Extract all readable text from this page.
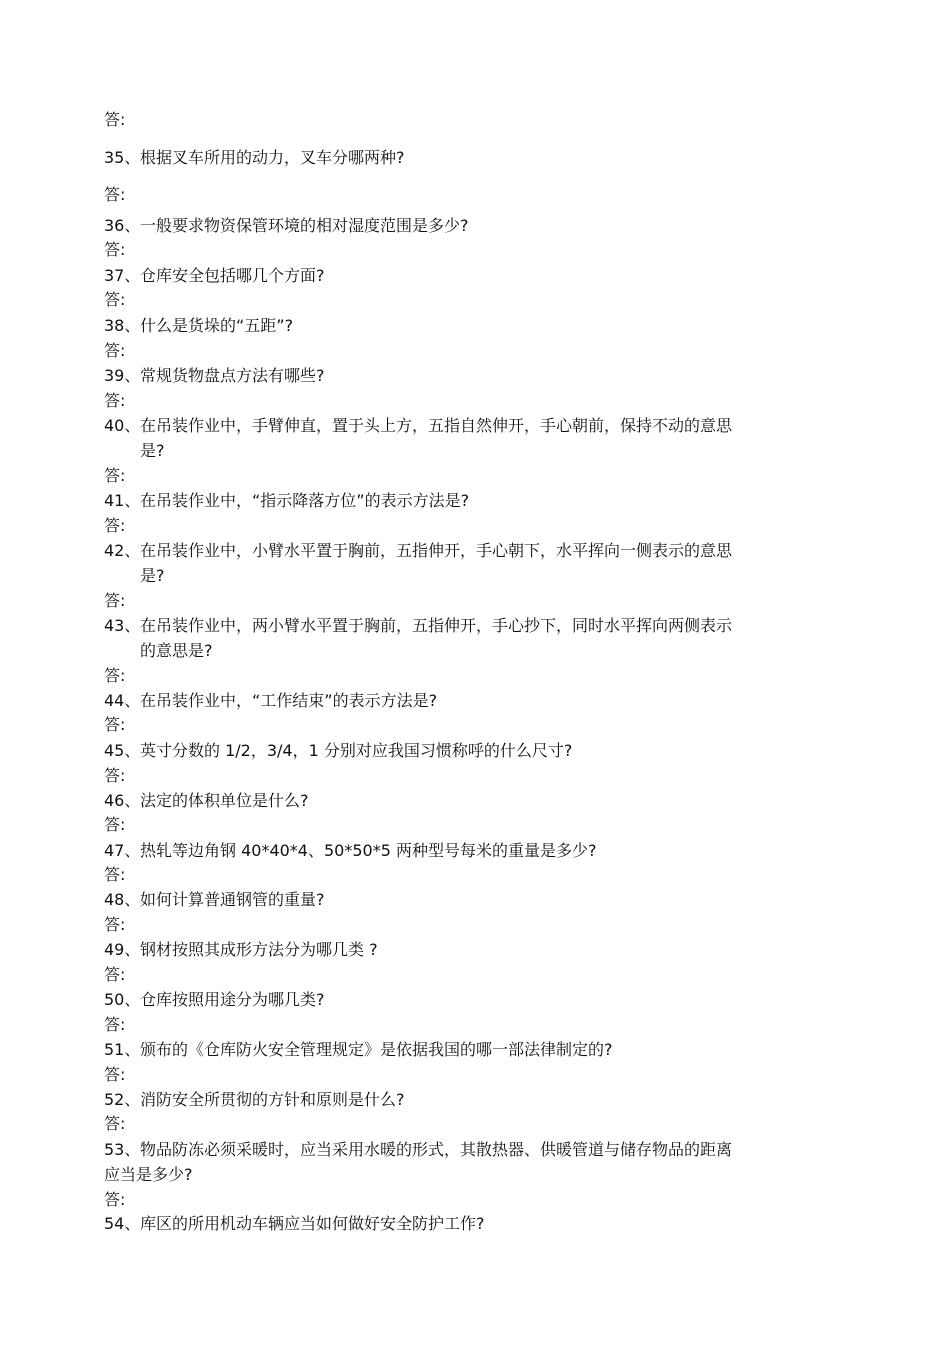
答:
35、根据叉车所用的动力，叉车分哪两种?
答:
36、一般要求物资保管环境的相对湿度范围是多少?
答:
37、仓库安全包括哪几个方面?
答:
38、什么是货垛的“五距”?
答:
39、常规货物盘点方法有哪些?
答:
40、在吊装作业中，手臂伸直，置于头上方，五指自然伸开，手心朝前，保持不动的意思
是?
答:
41、在吊装作业中，“指示降落方位”的表示方法是?
答:
42、在吊装作业中，小臂水平置于胸前，五指伸开，手心朝下，水平挥向一侧表示的意思
是?
答:
43、在吊装作业中，两小臂水平置于胸前，五指伸开，手心抄下，同时水平挥向两侧表示
的意思是?
答:
44、在吊装作业中，“工作结束”的表示方法是?
答:
45、英寸分数的 1/2，3/4，1 分别对应我国习惯称呼的什么尺寸?
答:
46、法定的体积单位是什么?
答:
47、热轧等边角钢 40*40*4、50*50*5 两种型号每米的重量是多少?
答:
48、如何计算普通钢管的重量?
答:
49、钢材按照其成形方法分为哪几类 ?
答:
50、仓库按照用途分为哪几类?
答:
51、颁布的《仓库防火安全管理规定》是依据我国的哪一部法律制定的?
答:
52、消防安全所贯彻的方针和原则是什么?
答:
53、物品防冻必须采暖时，应当采用水暖的形式，其散热器、供暖管道与储存物品的距离
应当是多少?
答:
54、库区的所用机动车辆应当如何做好安全防护工作?
